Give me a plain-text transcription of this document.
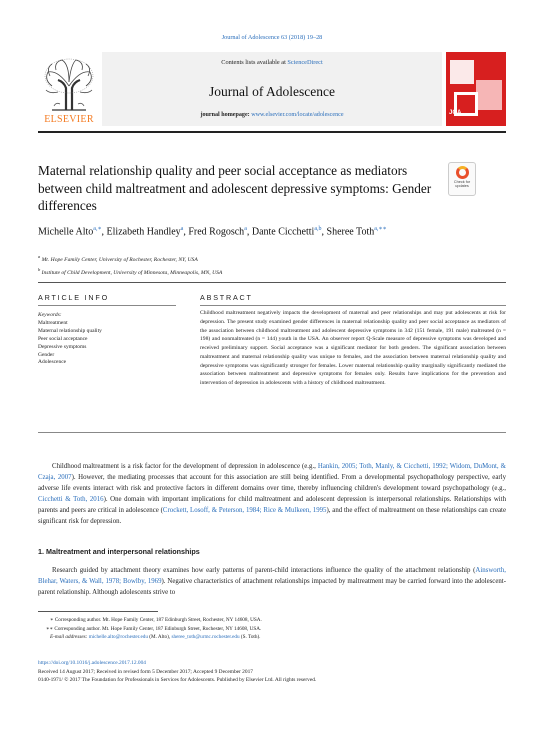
Journal of Adolescence 63 (2018) 19–28
ELSEVIER
Contents lists available at ScienceDirect
Journal of Adolescence
journal homepage: www.elsevier.com/locate/adolescence	JOA
Maternal relationship quality and peer social acceptance as mediators between child maltreatment and adolescent depressive symptoms: Gender differences
Check for
updates
Michelle Alto$^{a,∗}$, Elizabeth Handley$^a$, Fred Rogosch$^a$, Dante Cicchetti$^{a,b}$, Sheree Toth$^{a,∗∗}$
$^a$ Mt. Hope Family Center, University of Rochester, Rochester, NY, USA
$^b$ Institute of Child Development, University of Minnesota, Minneapolis, MN, USA
ARTICLE INFO
Keywords:
Maltreatment
Maternal relationship quality
Peer social acceptance
Depressive symptoms
Gender
Adolescence
ABSTRACT
Childhood maltreatment negatively impacts the development of maternal and peer relationships and may put adolescents at risk for depression. The present study examined gender differences in maternal relationship quality and peer social acceptance as mediators of the association between childhood maltreatment and adolescent depressive symptoms in 342 (151 female, 191 male) maltreated (n = 198) and nonmaltreated (n = 144) youth in the USA. An observer report Q-Scale measure of depressive symptoms was developed and received preliminary support. Social acceptance was a significant mediator for both genders. The significant association between maltreatment and maternal relationship quality was unique to females, and the association between maternal relationship quality and depressive symptoms was significantly stronger for females. Lower maternal relationship quality marginally significantly mediated the association between maltreatment and depressive symptoms for females only. Results have implications for the prevention and intervention of depression in adolescents with a history of childhood maltreatment.
Childhood maltreatment is a risk factor for the development of depression in adolescence (e.g., Hankin, 2005; Toth, Manly, & Cicchetti, 1992; Widom, DuMont, & Czaja, 2007). However, the mediating processes that account for this association are still being identified. From a developmental psychopathology perspective, early adverse life events interact with risk and protective factors in different domains over time, thereby influencing children's development toward psychopathology (e.g., Cicchetti & Toth, 2016). One domain with important implications for child maltreatment and adolescent depression is interpersonal relationships. Relationships with parents and peers are critical in adolescence (Crockett, Losoff, & Peterson, 1984; Rice & Mulkeen, 1995), and the effect of maltreatment on these relationships can create significant risk for depression.
1. Maltreatment and interpersonal relationships
Research guided by attachment theory examines how early patterns of parent-child interactions influence the quality of the attachment relationship (Ainsworth, Blehar, Waters, & Wall, 1978; Bowlby, 1969). Negative characteristics of attachment relationships impacted by maltreatment may be carried forward into the adolescent-parent relationship. Although adolescents strive to
∗ Corresponding author. Mt. Hope Family Center, 187 Edinburgh Street, Rochester, NY 14608, USA.
∗∗ Corresponding author. Mt. Hope Family Center, 187 Edinburgh Street, Rochester, NY 14608, USA.
E-mail addresses: michelle.alto@rochester.edu (M. Alto), sheree_toth@urmc.rochester.edu (S. Toth).
https://doi.org/10.1016/j.adolescence.2017.12.004
Received 14 August 2017; Received in revised form 5 December 2017; Accepted 9 December 2017
0140-1971/ © 2017 The Foundation for Professionals in Services for Adolescents. Published by Elsevier Ltd. All rights reserved.
